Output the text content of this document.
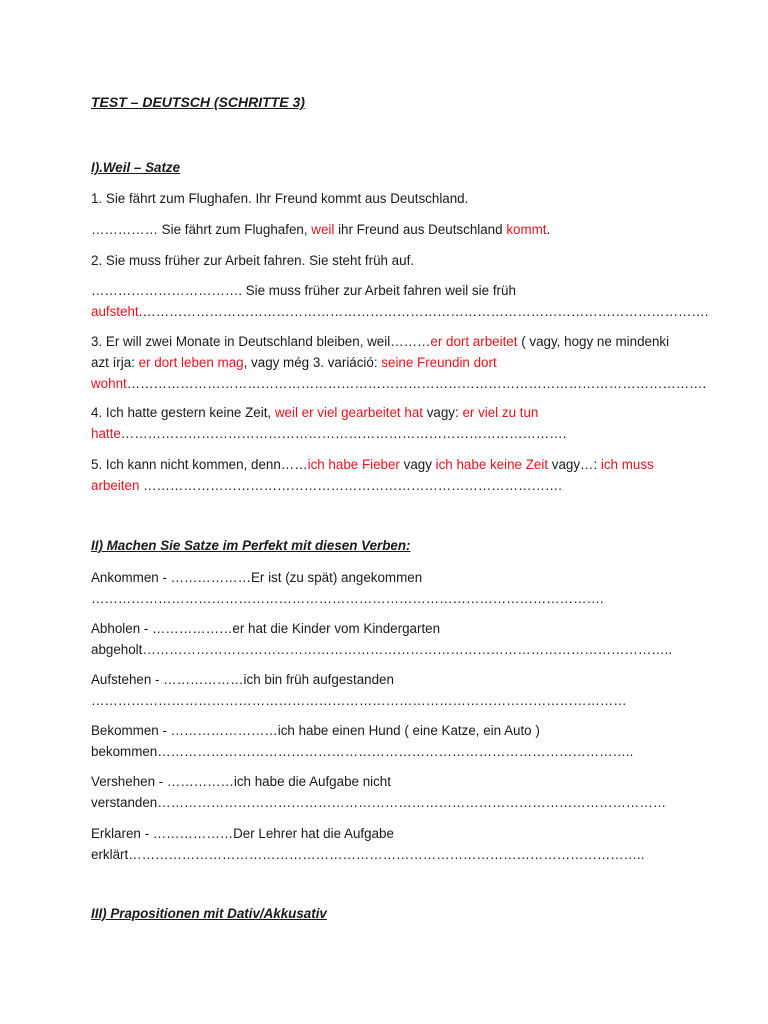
TEST – DEUTSCH (SCHRITTE 3)
I).Weil – Satze
1. Sie fährt zum Flughafen. Ihr Freund kommt aus Deutschland.
…………… Sie fährt zum Flughafen, weil ihr Freund aus Deutschland kommt.
2. Sie muss früher zur Arbeit fahren. Sie steht früh auf.
……………………………. Sie muss früher zur Arbeit fahren weil sie früh aufsteht.……………………………………………………………………………………………………………….
3. Er will zwei Monate in Deutschland bleiben, weil………er dort arbeitet ( vagy, hogy ne mindenki azt írja: er dort leben mag, vagy még 3. variáció: seine Freundin dort wohnt………………………………………………………………………………………………………………….
4. Ich hatte gestern keine Zeit, weil er viel gearbeitet hat vagy: er viel zu tun hatte……………………………………………………………………………………….
5. Ich kann nicht kommen, denn……ich habe Fieber vagy ich habe keine Zeit vagy…: ich muss arbeiten ………………………………………………………………………………….
II) Machen Sie Satze im Perfekt mit diesen Verben:
Ankommen - ………………Er ist (zu spät) angekommen
…………………………………………………………………………………………………….
Abholen - ………………er hat die Kinder vom Kindergarten
abgeholt………………………………………………………………………………………………………..
Aufstehen - ………………ich bin früh aufgestanden
…………………………………………………………………………………………………………
Bekommen - ……………………ich habe einen Hund ( eine Katze, ein Auto )
bekommen……………………………………………………………………………………………..
Vershehen - ……………ich habe die Aufgabe nicht
verstanden……………………………………………………………………………………………………
Erklaren - ………………Der Lehrer hat die Aufgabe
erklärt……………………………………………………………………………………………………..
III) Prapositionen mit Dativ/Akkusativ
